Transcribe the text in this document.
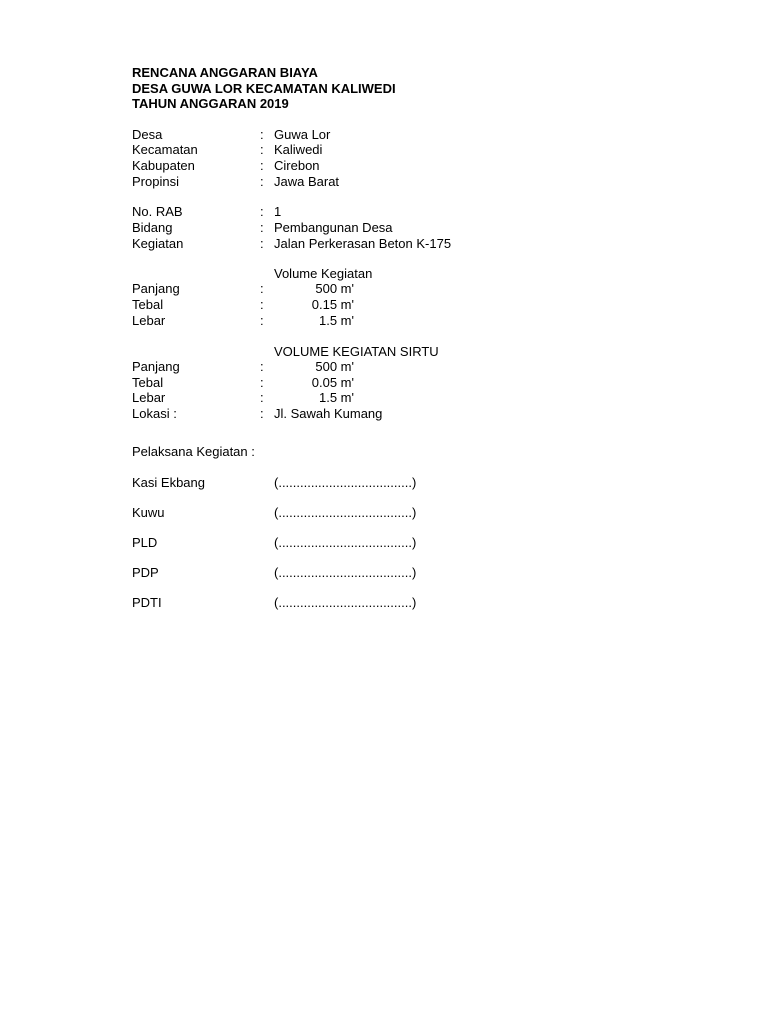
RENCANA ANGGARAN BIAYA
DESA GUWA LOR KECAMATAN KALIWEDI
TAHUN ANGGARAN 2019
Desa	: Guwa Lor
Kecamatan	: Kaliwedi
Kabupaten	: Cirebon
Propinsi	: Jawa Barat
No. RAB	: 1
Bidang	: Pembangunan Desa
Kegiatan	: Jalan Perkerasan Beton K-175
Volume Kegiatan
Panjang	:	500 m'
Tebal	:	0.15 m'
Lebar	:	1.5 m'
VOLUME KEGIATAN SIRTU
Panjang	:	500 m'
Tebal	:	0.05 m'
Lebar	:	1.5 m'
Lokasi :	: Jl. Sawah Kumang
Pelaksana Kegiatan :
Kasi Ekbang	(.....................................)
Kuwu	(.....................................)
PLD	(.....................................)
PDP	(.....................................)
PDTI	(.....................................)
